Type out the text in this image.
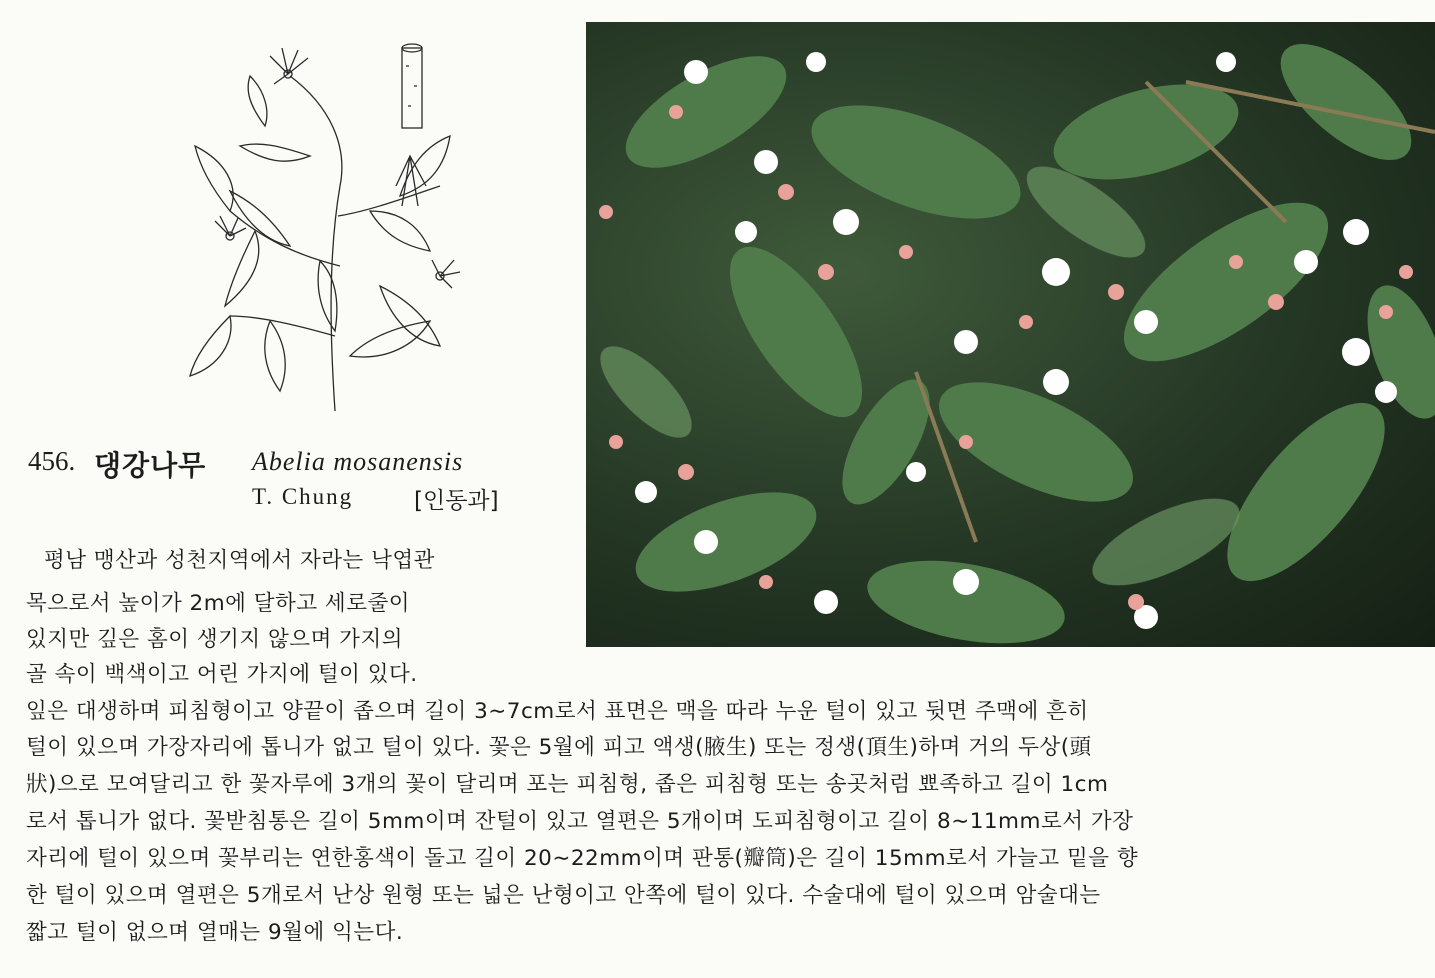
456. 댕강나무 Abelia mosanensis
T. Chung	[인동과]
평남 맹산과 성천지역에서 자라는 낙엽관
목으로서 높이가 2m에 달하고 세로줄이
있지만 깊은 홈이 생기지 않으며 가지의
골 속이 백색이고 어린 가지에 털이 있다.
잎은 대생하며 피침형이고 양끝이 좁으며 길이 3∼7cm로서 표면은 맥을 따라 누운 털이 있고 뒷면 주맥에 흔히
털이 있으며 가장자리에 톱니가 없고 털이 있다. 꽃은 5월에 피고 액생(腋生) 또는 정생(頂生)하며 거의 두상(頭
狀)으로 모여달리고 한 꽃자루에 3개의 꽃이 달리며 포는 피침형, 좁은 피침형 또는 송곳처럼 뾰족하고 길이 1cm
로서 톱니가 없다. 꽃받침통은 길이 5mm이며 잔털이 있고 열편은 5개이며 도피침형이고 길이 8∼11mm로서 가장
자리에 털이 있으며 꽃부리는 연한홍색이 돌고 길이 20∼22mm이며 판통(瓣筒)은 길이 15mm로서 가늘고 밑을 향
한 털이 있으며 열편은 5개로서 난상 원형 또는 넓은 난형이고 안쪽에 털이 있다. 수술대에 털이 있으며 암술대는
짧고 털이 없으며 열매는 9월에 익는다.
